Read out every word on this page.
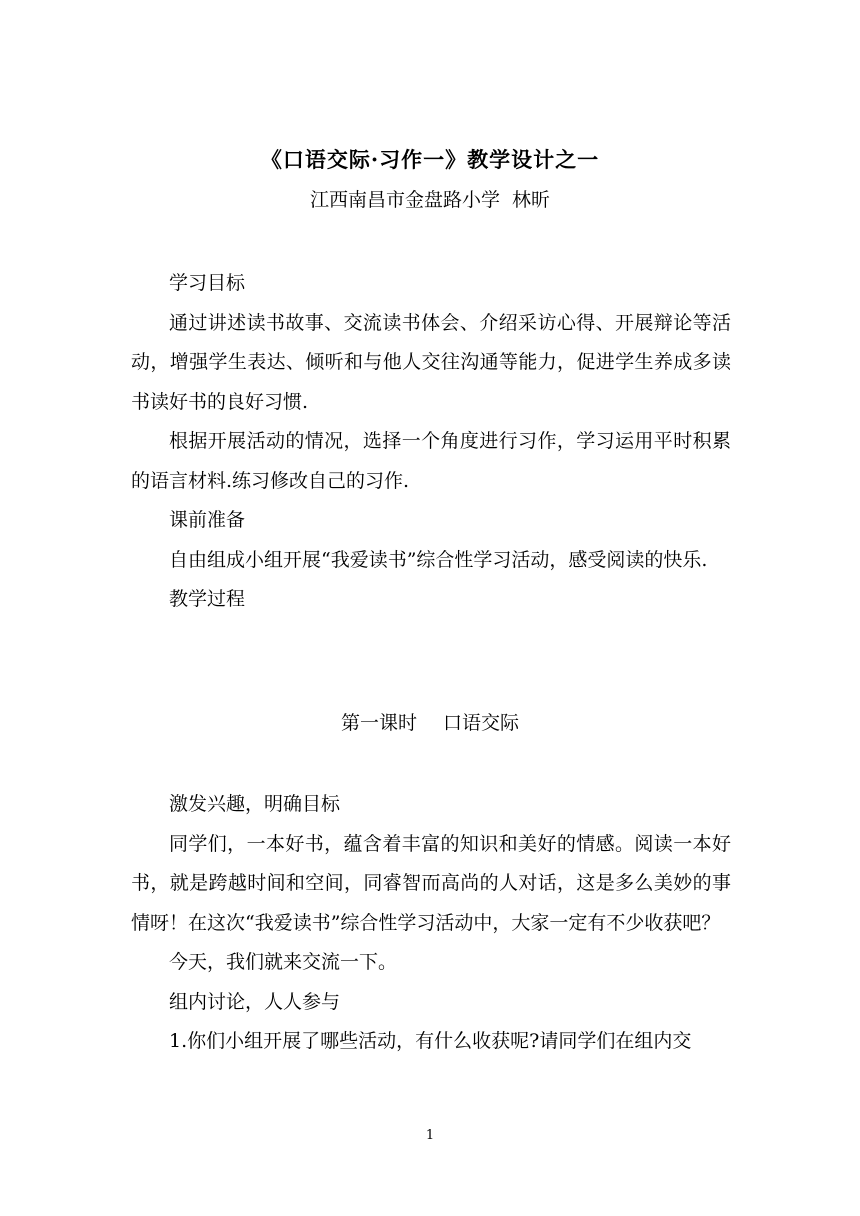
《口语交际·习作一》教学设计之一
江西南昌市金盘路小学  林昕

学习目标

通过讲述读书故事、交流读书体会、介绍采访心得、开展辩论等活动，增强学生表达、倾听和与他人交往沟通等能力，促进学生养成多读书读好书的良好习惯.

根据开展活动的情况，选择一个角度进行习作，学习运用平时积累的语言材料.练习修改自己的习作.

课前准备

自由组成小组开展“我爱读书”综合性学习活动，感受阅读的快乐.

教学过程

第一课时 口语交际

激发兴趣，明确目标

同学们，一本好书，蕴含着丰富的知识和美好的情感。阅读一本好书，就是跨越时间和空间，同睿智而高尚的人对话，这是多么美妙的事情呀！在这次“我爱读书”综合性学习活动中，大家一定有不少收获吧？

今天，我们就来交流一下。

组内讨论，人人参与

1.你们小组开展了哪些活动，有什么收获呢?请同学们在组内交

1
